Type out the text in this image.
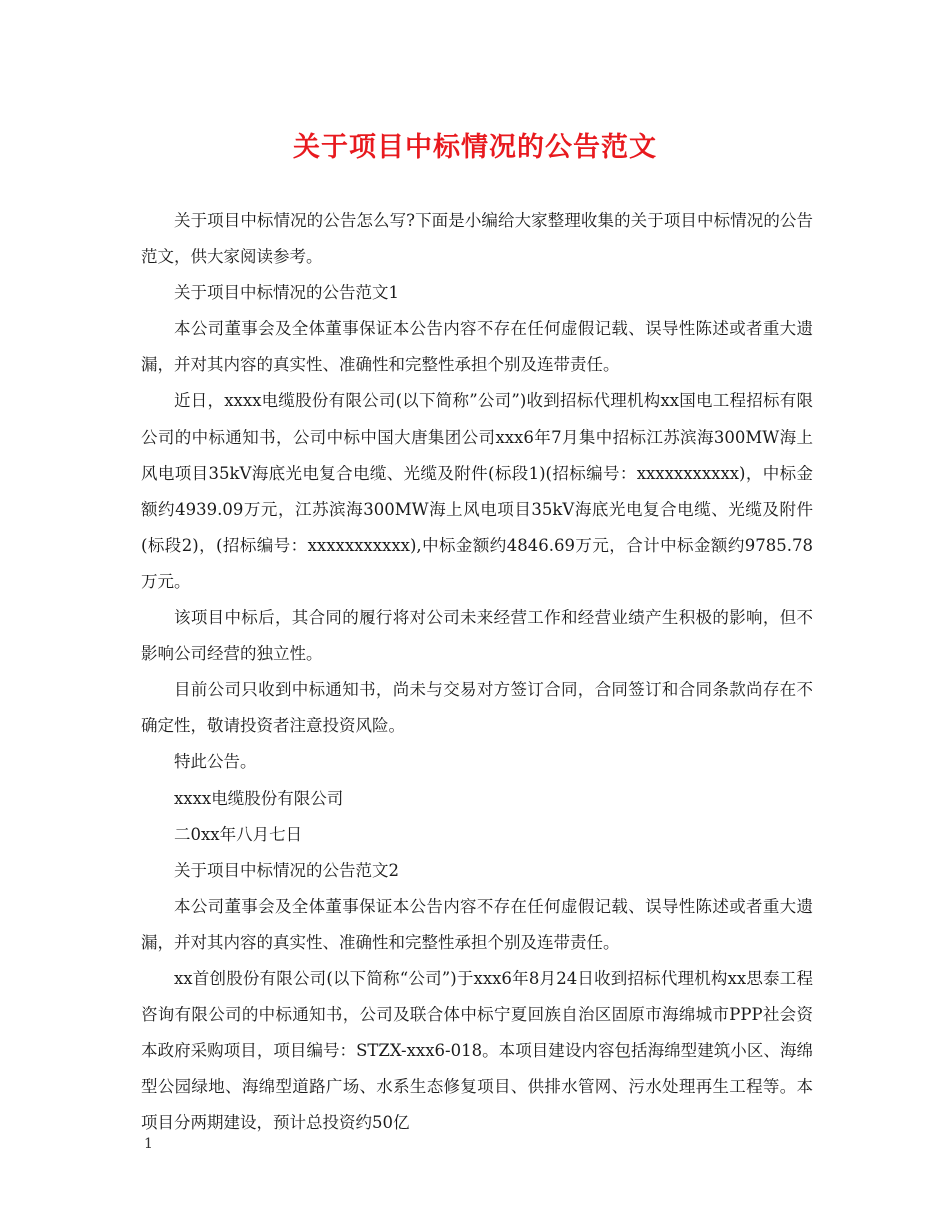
关于项目中标情况的公告范文

关于项目中标情况的公告怎么写?下面是小编给大家整理收集的关于项目中标情况的公告范文，供大家阅读参考。

关于项目中标情况的公告范文1

本公司董事会及全体董事保证本公告内容不存在任何虚假记载、误导性陈述或者重大遗漏，并对其内容的真实性、准确性和完整性承担个别及连带责任。

近日，xxxx电缆股份有限公司(以下简称”公司”)收到招标代理机构xx国电工程招标有限公司的中标通知书，公司中标中国大唐集团公司xxx6年7月集中招标江苏滨海300MW海上风电项目35kV海底光电复合电缆、光缆及附件(标段1)(招标编号：xxxxxxxxxxx)，中标金额约4939.09万元，江苏滨海300MW海上风电项目35kV海底光电复合电缆、光缆及附件(标段2)，(招标编号：xxxxxxxxxxx),中标金额约4846.69万元，合计中标金额约9785.78万元。

该项目中标后，其合同的履行将对公司未来经营工作和经营业绩产生积极的影响，但不影响公司经营的独立性。

目前公司只收到中标通知书，尚未与交易对方签订合同，合同签订和合同条款尚存在不确定性，敬请投资者注意投资风险。

特此公告。

xxxx电缆股份有限公司

二0xx年八月七日

关于项目中标情况的公告范文2

本公司董事会及全体董事保证本公告内容不存在任何虚假记载、误导性陈述或者重大遗漏，并对其内容的真实性、准确性和完整性承担个别及连带责任。

xx首创股份有限公司(以下简称“公司”)于xxx6年8月24日收到招标代理机构xx思泰工程咨询有限公司的中标通知书，公司及联合体中标宁夏回族自治区固原市海绵城市PPP社会资本政府采购项目，项目编号：STZX-xxx6-018。本项目建设内容包括海绵型建筑小区、海绵型公园绿地、海绵型道路广场、水系生态修复项目、供排水管网、污水处理再生工程等。本项目分两期建设，预计总投资约50亿

1
